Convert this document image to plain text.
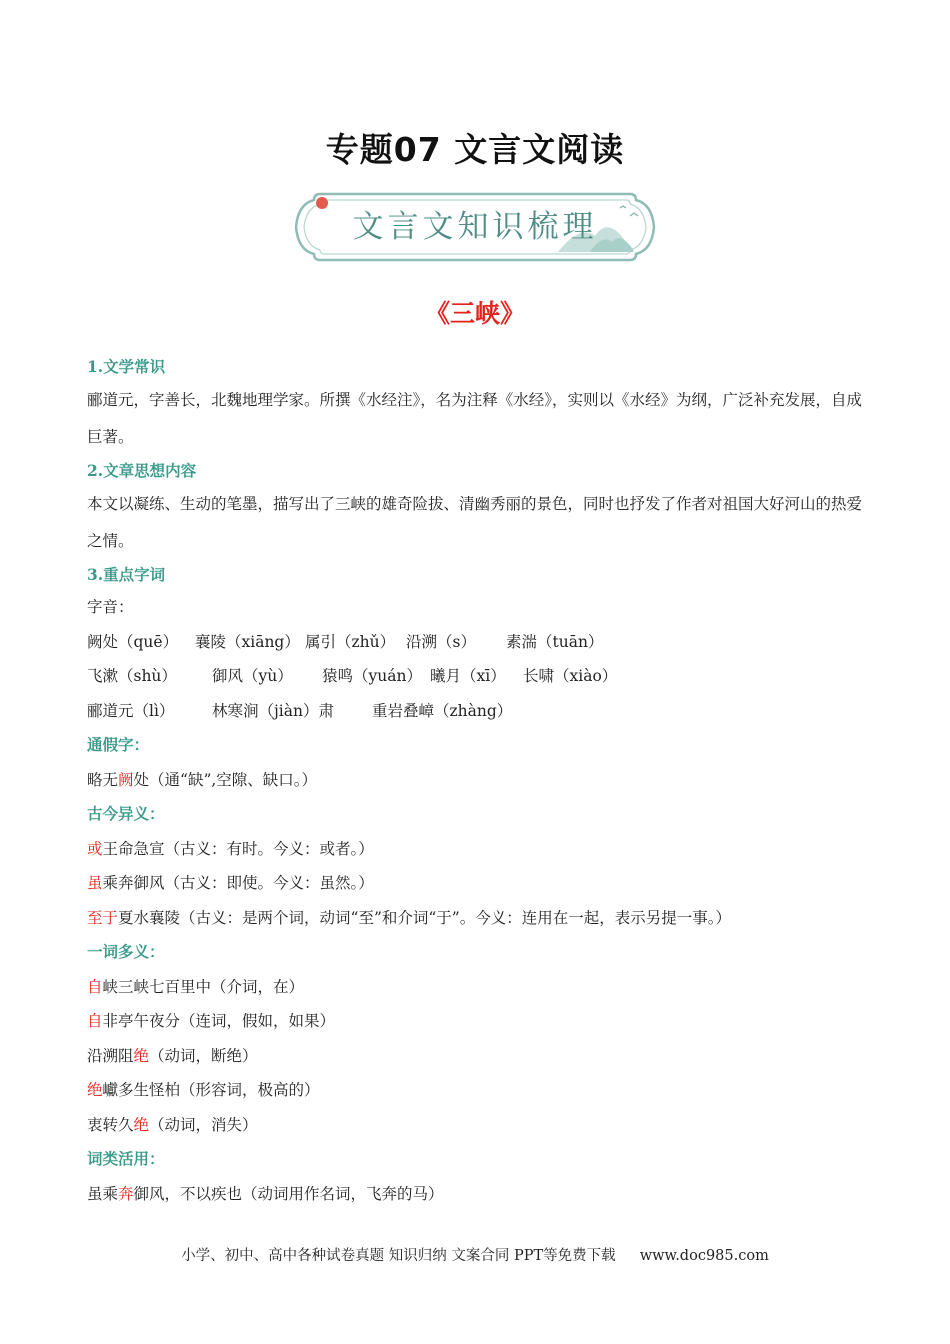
专题07 文言文阅读
文言文知识梳理
《三峡》

1.文学常识

郦道元，字善长，北魏地理学家。所撰《水经注》，名为注释《水经》，实则以《水经》为纲，广泛补充发展，自成巨著。

2.文章思想内容

本文以凝练、生动的笔墨，描写出了三峡的雄奇险拔、清幽秀丽的景色，同时也抒发了作者对祖国大好河山的热爱之情。

3.重点字词

字音：

阙处（quē） 襄陵（xiāng） 属引（zhǔ） 沿溯（s） 素湍（tuān）

飞漱（shù） 御风（yù） 猿鸣（yuán） 曦月（xī） 长啸（xiào）

郦道元（lì） 林寒涧（jiàn）肃 重岩叠嶂（zhàng）

通假字：

略无阙处（通“缺”,空隙、缺口。）

古今异义：

或王命急宣（古义：有时。今义：或者。）

虽乘奔御风（古义：即使。今义：虽然。）

至于夏水襄陵（古义：是两个词，动词“至”和介词“于”。今义：连用在一起，表示另提一事。）

一词多义：

自峡三峡七百里中（介词，在）

自非亭午夜分（连词，假如，如果）

沿溯阻绝（动词，断绝）

绝巘多生怪柏（形容词，极高的）

衷转久绝（动词，消失）

词类活用：

虽乘奔御风，不以疾也（动词用作名词，飞奔的马）

小学、初中、高中各种试卷真题 知识归纳 文案合同 PPT等免费下载 www.doc985.com
